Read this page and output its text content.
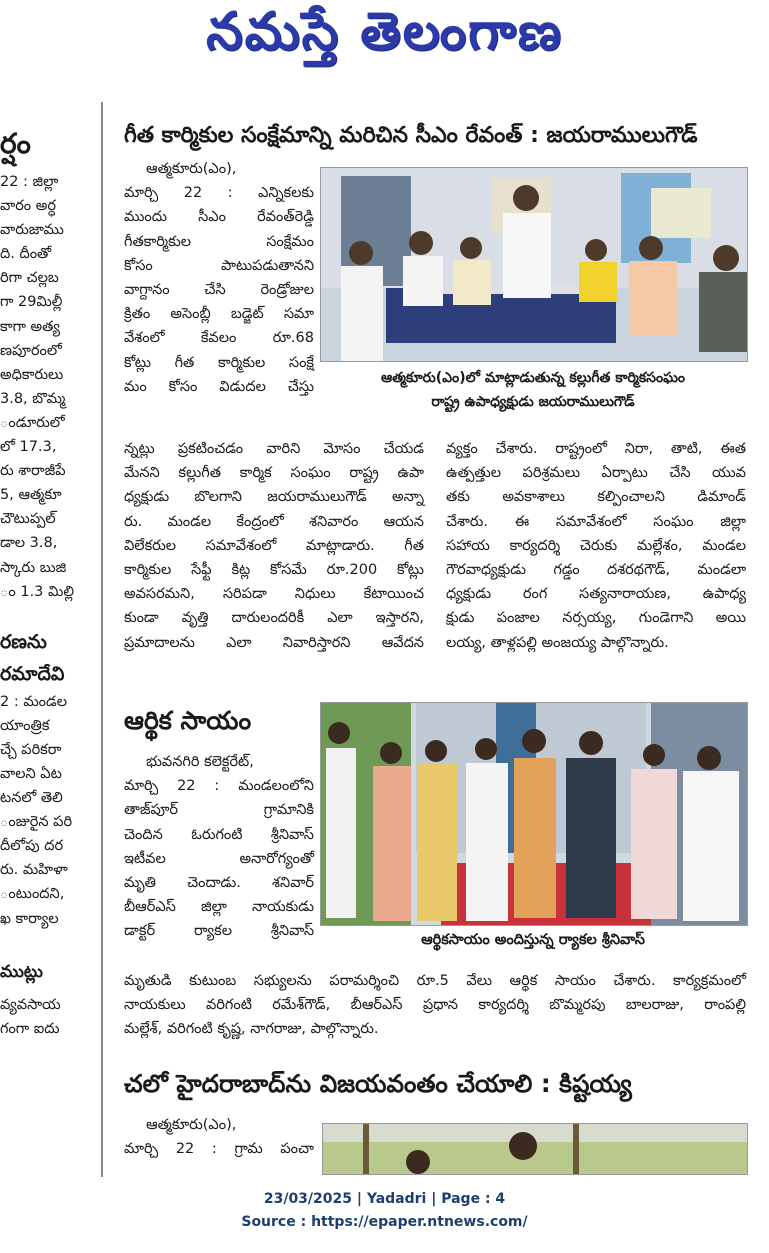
నమస్తే తెలంగాణ
ర్షం
22 : జిల్లా
వారం అర్ధ
వారుజాము
ది. దీంతో
రిగా చల్లబ
గా 29మిల్లీ
కాగా అత్య
ణపూరంలో
అధికారులు
3.8, బొమ్మ
ండూరులో
లో 17.3,
రు శారాజీపే
5, ఆత్మకూ
చౌటుప్పల్
డాల 3.8,
స్కారు బుజి
ం 1.3 మిల్లి
రణను
రమాదేవి
2 : మండల
యాంత్రిక
చ్చే పరికరా
వాలని ఏట
టనలో తెలి
ంజురైన పరి
దీలోపు దర
రు. మహిళా
ంటుందని,
ఖ కార్యాల
ముట్లు
వ్యవసాయ
గంగా ఐదు
గీత కార్మికుల సంక్షేమాన్ని మరిచిన సీఎం రేవంత్ : జయరాములుగౌడ్
ఆత్మకూరు(ఎం),
మార్చి 22 : ఎన్నికలకు
ముందు సీఎం రేవంత్‌రెడ్డి
గీతకార్మికుల సంక్షేమం
కోసం పాటుపడుతానని
వాగ్దానం చేసి రెండ్రోజుల
క్రితం అసెంబ్లీ బడ్జెట్ సమా
వేశంలో కేవలం రూ.68
కోట్లు గీత కార్మికుల సంక్షే
మం కోసం విడుదల చేస్తు
ఆత్మకూరు(ఎం)లో మాట్లాడుతున్న కల్లుగీత కార్మికసంఘం
రాష్ట్ర ఉపాధ్యక్షుడు జయరాములుగౌడ్
న్నట్లు ప్రకటించడం వారిని మోసం చేయడ
మేనని కల్లుగీత కార్మిక సంఘం రాష్ట్ర ఉపా
ధ్యక్షుడు బొలగాని జయరాములుగౌడ్ అన్నా
రు. మండల కేంద్రంలో శనివారం ఆయన
విలేకరుల సమావేశంలో మాట్లాడారు. గీత
కార్మికుల సేఫ్టీ కిట్ల కోసమే రూ.200 కోట్లు
అవసరమని, సరిపడా నిధులు కేటాయించ
కుండా వృత్తి దారులందరికీ ఎలా ఇస్తారని,
ప్రమాదాలను ఎలా నివారిస్తారని ఆవేదన
వ్యక్తం చేశారు. రాష్ట్రంలో నిరా, తాటి, ఈత
ఉత్పత్తుల పరిశ్రమలు ఏర్పాటు చేసి యువ
తకు అవకాశాలు కల్పించాలని డిమాండ్
చేశారు. ఈ సమావేశంలో సంఘం జిల్లా
సహాయ కార్యదర్శి చెరుకు మల్లేశం, మండల
గౌరవాధ్యక్షుడు గడ్డం దశరథగౌడ్, మండలా
ధ్యక్షుడు రంగ సత్యనారాయణ, ఉపాధ్య
క్షుడు పంజాల నర్సయ్య, గుండెగాని అయి
లయ్య, తాళ్లపల్లి అంజయ్య పాల్గొన్నారు.
ఆర్థిక సాయం
భువనగిరి కలెక్టరేట్,
మార్చి 22 : మండలంలోని
తాజ్‌పూర్ గ్రామానికి
చెందిన ఓరుగంటి శ్రీనివాస్
ఇటీవల అనారోగ్యంతో
మృతి చెందాడు. శనివార్
బీఆర్‌ఎస్ జిల్లా నాయకుడు
డాక్టర్ ర్యాకల శ్రీనివాస్
ఆర్థికసాయం అందిస్తున్న ర్యాకల శ్రీనివాస్
మృతుడి కుటుంబ సభ్యులను పరామర్శించి రూ.5 వేలు ఆర్థిక సాయం చేశారు. కార్యక్రమంలో
నాయకులు వరిగంటి రమేశ్‌గౌడ్, బీఆర్‌ఎస్ ప్రధాన కార్యదర్శి బొమ్మరపు బాలరాజు, రాంపల్లి
మల్లేశ్, వరిగంటి కృష్ణ, నాగరాజు, పాల్గొన్నారు.
చలో హైదరాబాద్‌ను విజయవంతం చేయాలి : కిష్టయ్య
ఆత్మకూరు(ఎం),
మార్చి 22 : గ్రామ పంచా
23/03/2025 | Yadadri | Page : 4
Source : https://epaper.ntnews.com/
